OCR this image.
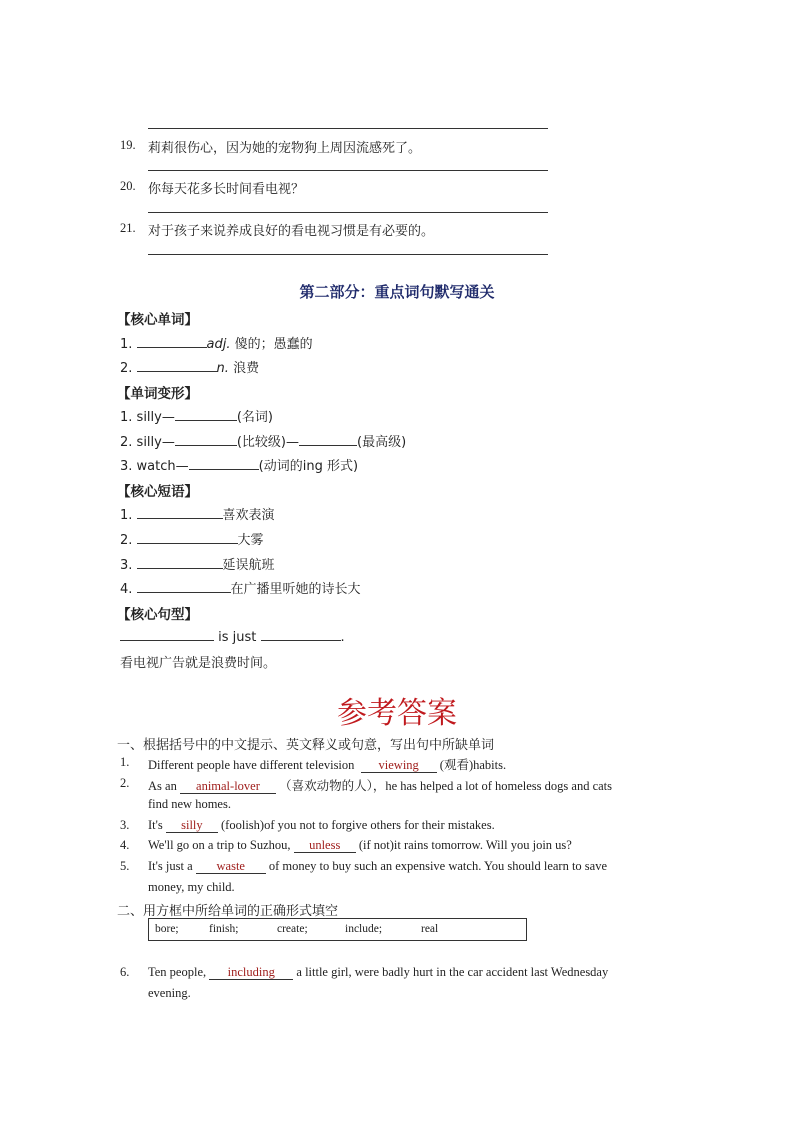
19. 莉莉很伤心，因为她的宠物狗上周因流感死了。
20. 你每天花多长时间看电视？
21. 对于孩子来说养成良好的看电视习惯是有必要的。
第二部分：重点词句默写通关
【核心单词】
1.	adj. 傻的；愚蠢的
2.	n. 浪费
【单词变形】
1. silly—	(名词)
2. silly—	(比较级)—	(最高级)
3. watch—	(动词的ing 形式)
【核心短语】
1.	喜欢表演
2.	大雾
3.	延误航班
4.	在广播里听她的诗长大
【核心句型】
is just	.
看电视广告就是浪费时间。
参考答案
一、根据括号中的中文提示、英文释义或句意，写出句中所缺单词
1. Different people have different television viewing (观看)habits.
2. As an animal-lover （喜欢动物的人），he has helped a lot of homeless dogs and cats
find new homes.
3. It's silly (foolish)of you not to forgive others for their mistakes.
4. We'll go on a trip to Suzhou, unless (if not)it rains tomorrow. Will you join us?
5. It's just a waste of money to buy such an expensive watch. You should learn to save
money, my child.
二、用方框中所给单词的正确形式填空
bore;	finish;	create;	include;	real
6. Ten people, including a little girl, were badly hurt in the car accident last Wednesday
evening.
